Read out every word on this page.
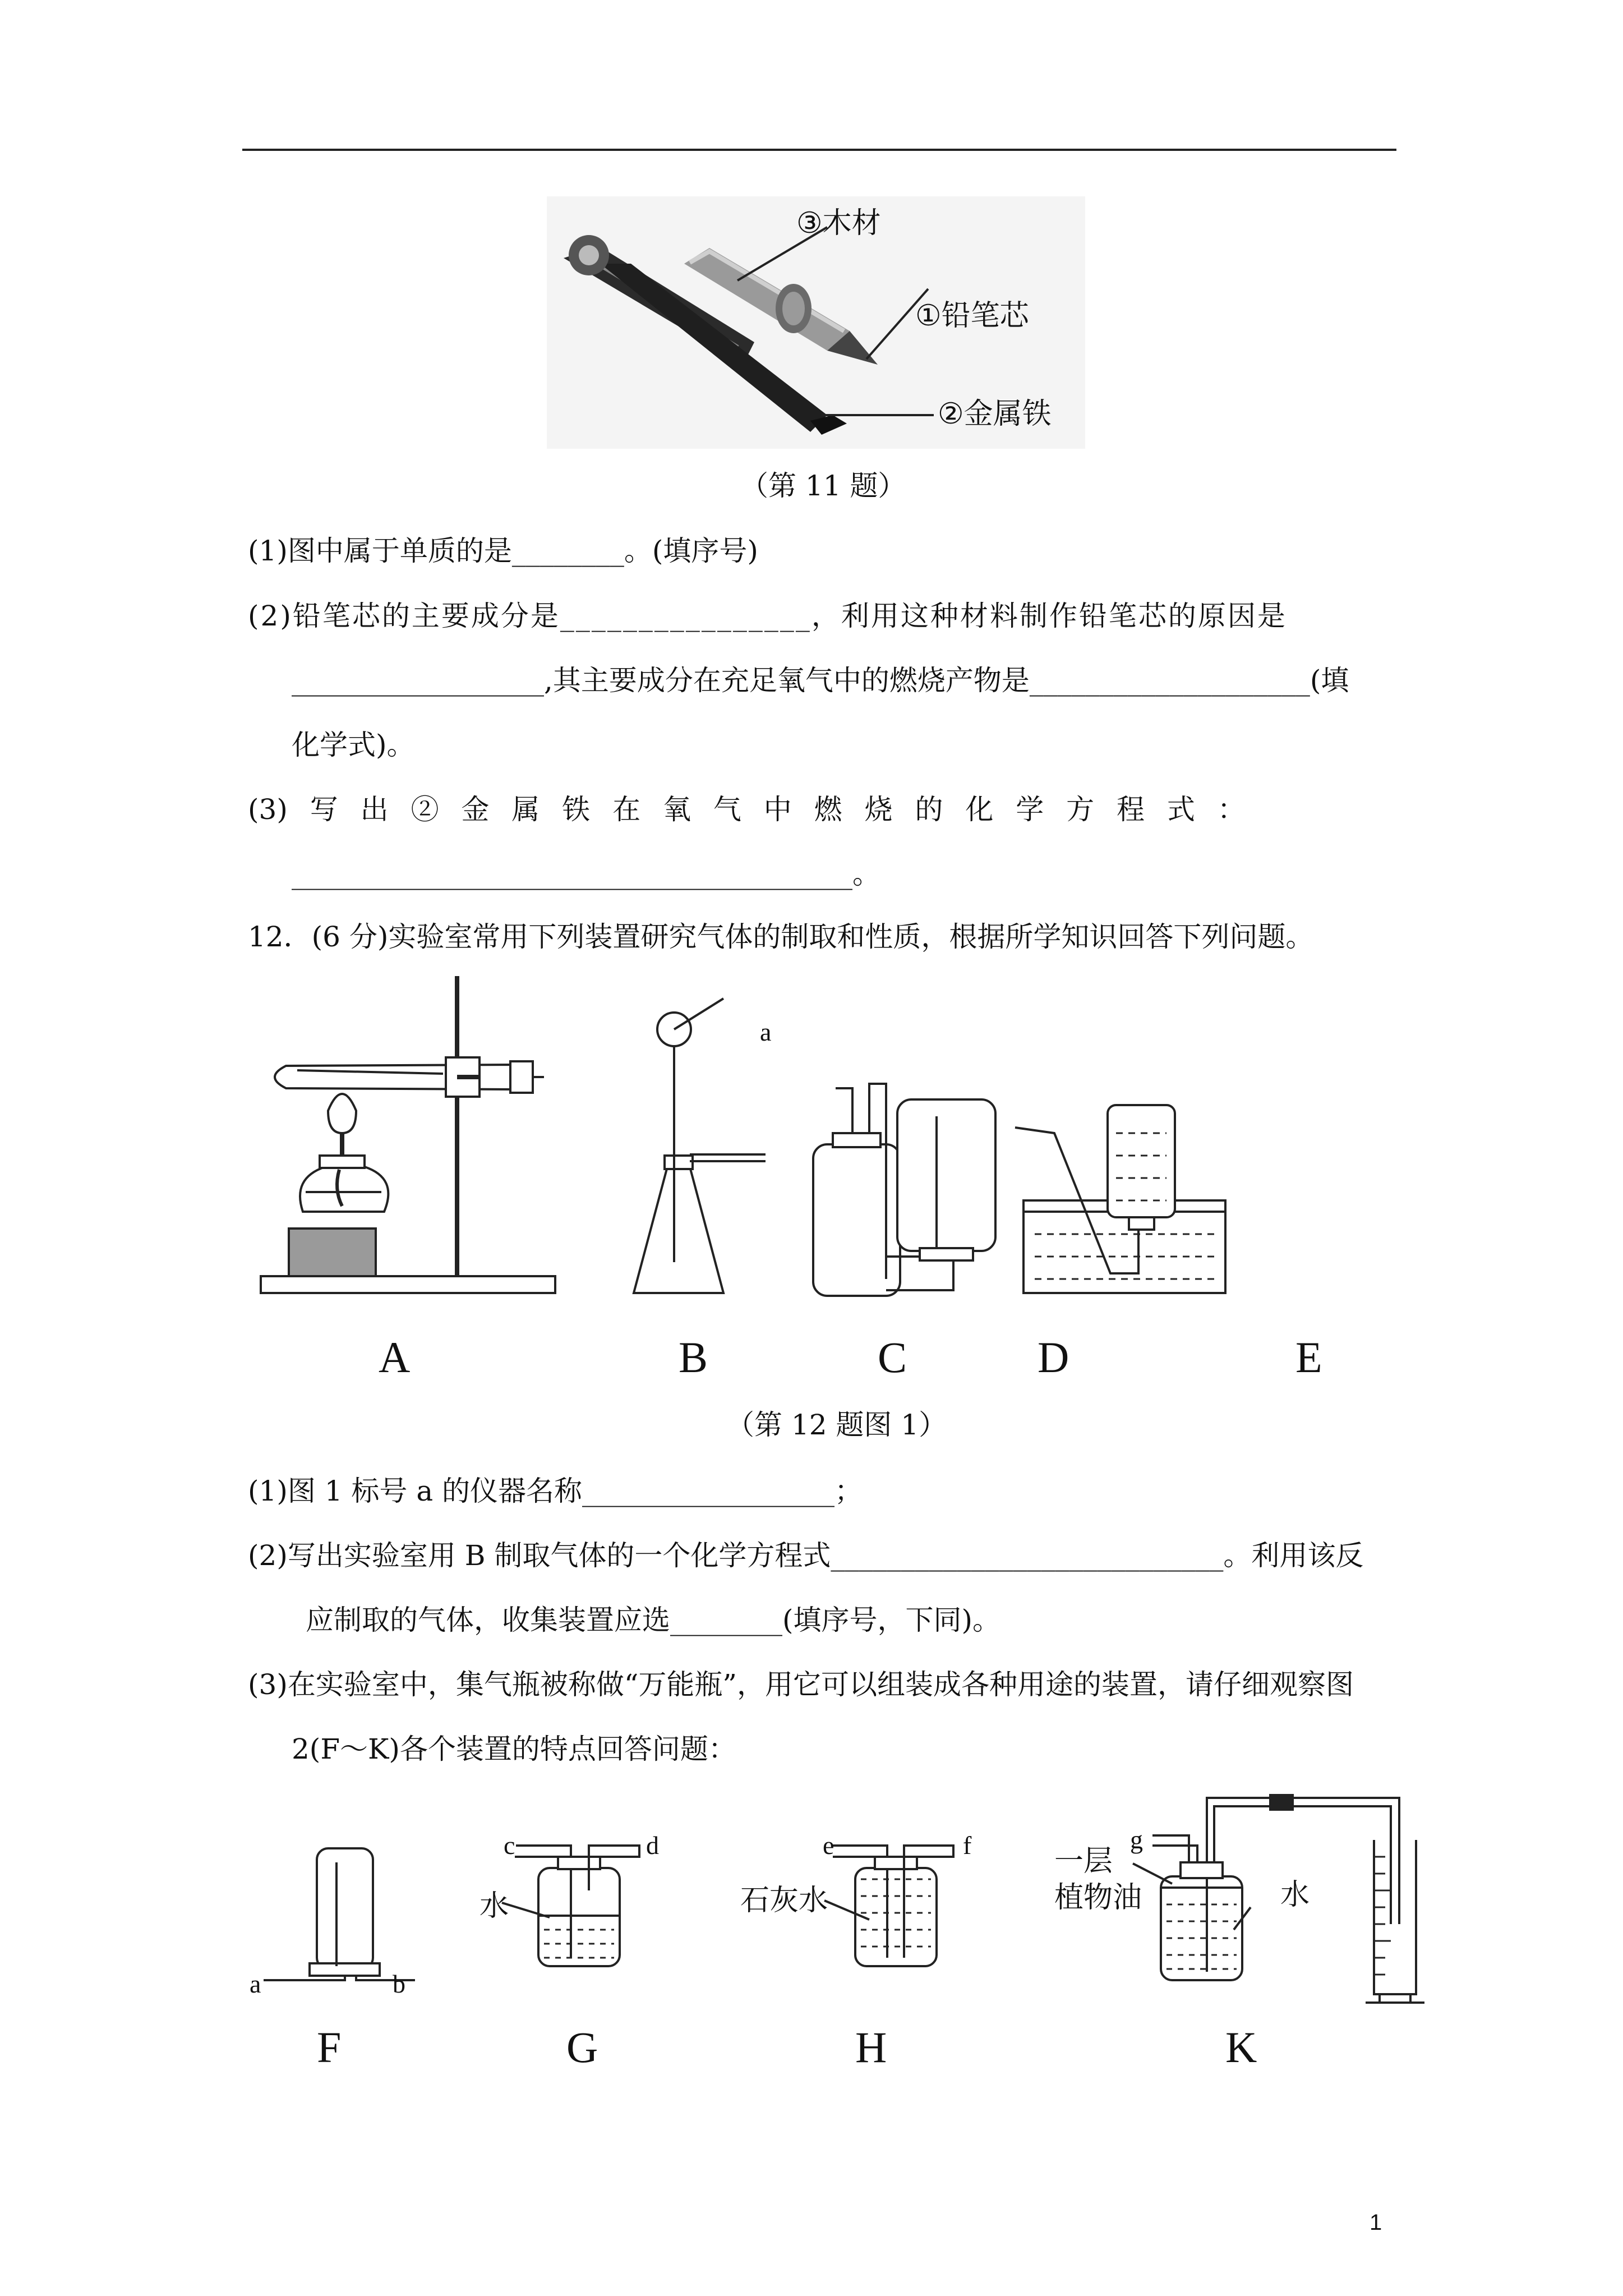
③木材
①铅笔芯
②金属铁
（第 11 题）
(1)图中属于单质的是________。(填序号)
(2)铅笔芯的主要成分是________________，利用这种材料制作铅笔芯的原因是
__________________,其主要成分在充足氧气中的燃烧产物是____________________(填
化学式)。
(3) 写 出 ② 金 属 铁 在 氧 气 中 燃 烧 的 化 学 方 程 式 ：
________________________________________。
12．(6 分)实验室常用下列装置研究气体的制取和性质，根据所学知识回答下列问题。
a
A	B	C	D	E
（第 12 题图 1）
(1)图 1 标号 a 的仪器名称__________________；
(2)写出实验室用 B 制取气体的一个化学方程式____________________________。利用该反
应制取的气体，收集装置应选________(填序号，下同)。
(3)在实验室中，集气瓶被称做“万能瓶”，用它可以组装成各种用途的装置，请仔细观察图
2(F～K)各个装置的特点回答问题：
a	b
c	d	e	f	g
水	石灰水
一层
植物油	水
F	G	H	K
1
